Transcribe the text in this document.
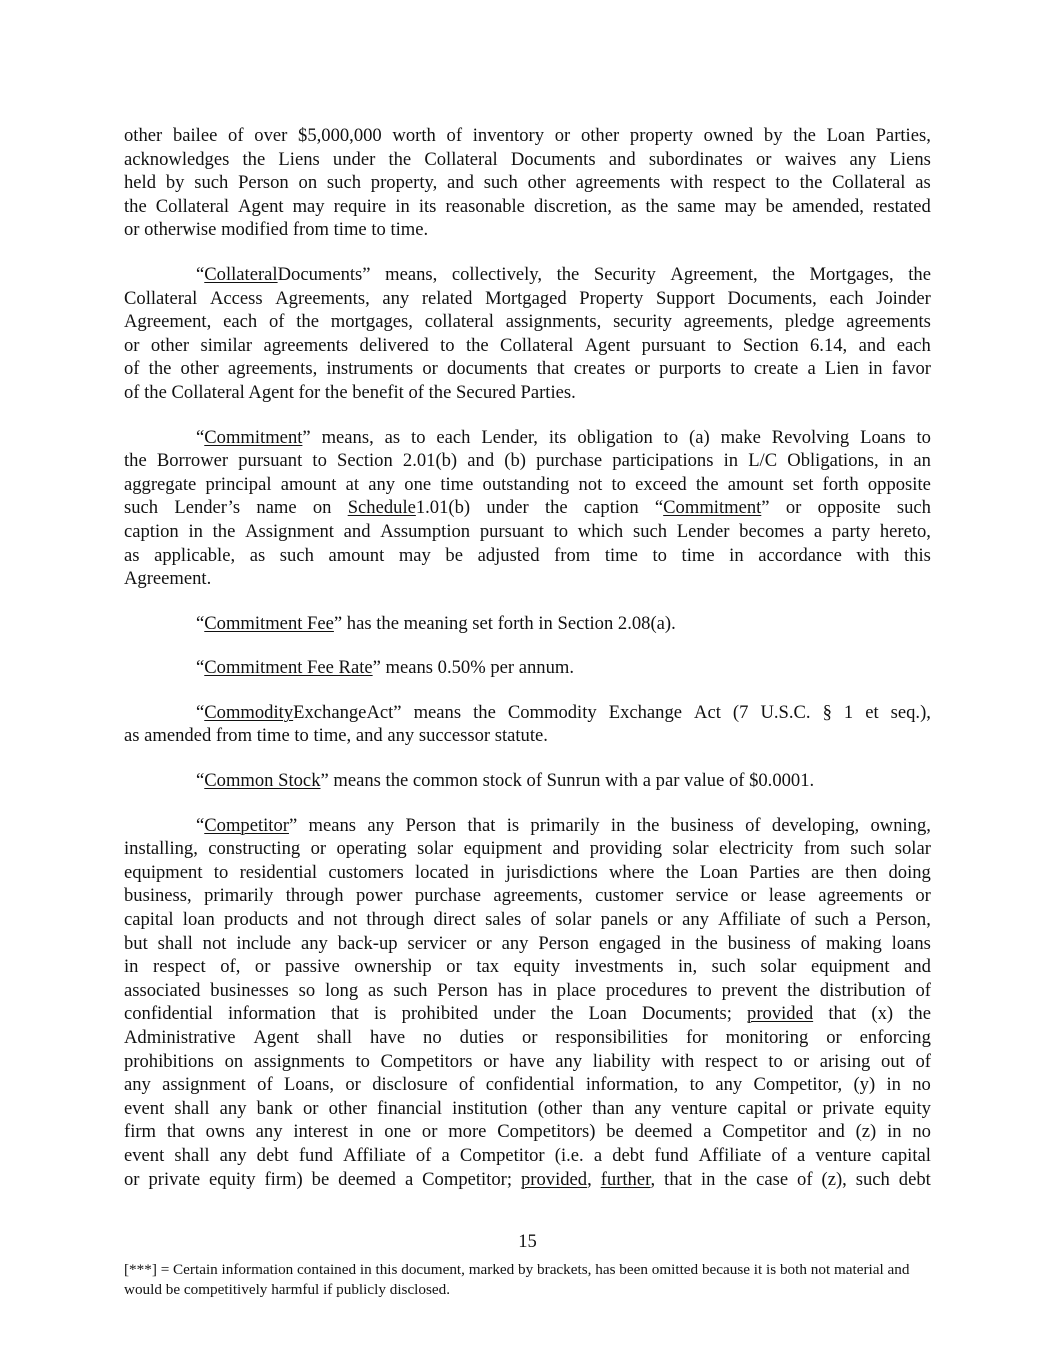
other bailee of over $5,000,000 worth of inventory or other property owned by the Loan Parties,
acknowledges the Liens under the Collateral Documents and subordinates or waives any Liens
held by such Person on such property, and such other agreements with respect to the Collateral as
the Collateral Agent may require in its reasonable discretion, as the same may be amended, restated
or otherwise modified from time to time.
“CollateralDocuments” means, collectively, the Security Agreement, the Mortgages, the
Collateral Access Agreements, any related Mortgaged Property Support Documents, each Joinder
Agreement, each of the mortgages, collateral assignments, security agreements, pledge agreements
or other similar agreements delivered to the Collateral Agent pursuant to Section 6.14, and each
of the other agreements, instruments or documents that creates or purports to create a Lien in favor
of the Collateral Agent for the benefit of the Secured Parties.
“Commitment” means, as to each Lender, its obligation to (a) make Revolving Loans to
the Borrower pursuant to Section 2.01(b) and (b) purchase participations in L/C Obligations, in an
aggregate principal amount at any one time outstanding not to exceed the amount set forth opposite
such Lender’s name on Schedule1.01(b) under the caption “Commitment” or opposite such
caption in the Assignment and Assumption pursuant to which such Lender becomes a party hereto,
as applicable, as such amount may be adjusted from time to time in accordance with this
Agreement.
“ Commitment Fee ” has the meaning set forth in Section 2.08(a).
“ Commitment Fee Rate ” means 0.50% per annum.
“CommodityExchangeAct” means the Commodity Exchange Act (7 U.S.C. § 1 et seq.),
as amended from time to time, and any successor statute.
“ Common Stock ” means the common stock of Sunrun with a par value of $0.0001.
“Competitor” means any Person that is primarily in the business of developing, owning,
installing, constructing or operating solar equipment and providing solar electricity from such solar
equipment to residential customers located in jurisdictions where the Loan Parties are then doing
business, primarily through power purchase agreements, customer service or lease agreements or
capital loan products and not through direct sales of solar panels or any Affiliate of such a Person,
but shall not include any back-up servicer or any Person engaged in the business of making loans
in respect of, or passive ownership or tax equity investments in, such solar equipment and
associated businesses so long as such Person has in place procedures to prevent the distribution of
confidential information that is prohibited under the Loan Documents; provided that (x) the
Administrative Agent shall have no duties or responsibilities for monitoring or enforcing
prohibitions on assignments to Competitors or have any liability with respect to or arising out of
any assignment of Loans, or disclosure of confidential information, to any Competitor, (y) in no
event shall any bank or other financial institution (other than any venture capital or private equity
firm that owns any interest in one or more Competitors) be deemed a Competitor and (z) in no
event shall any debt fund Affiliate of a Competitor (i.e. a debt fund Affiliate of a venture capital
or private equity firm) be deemed a Competitor; provided, further, that in the case of (z), such debt
15
[***] = Certain information contained in this document, marked by brackets, has been omitted because it is both not material and would be competitively harmful if publicly disclosed.
